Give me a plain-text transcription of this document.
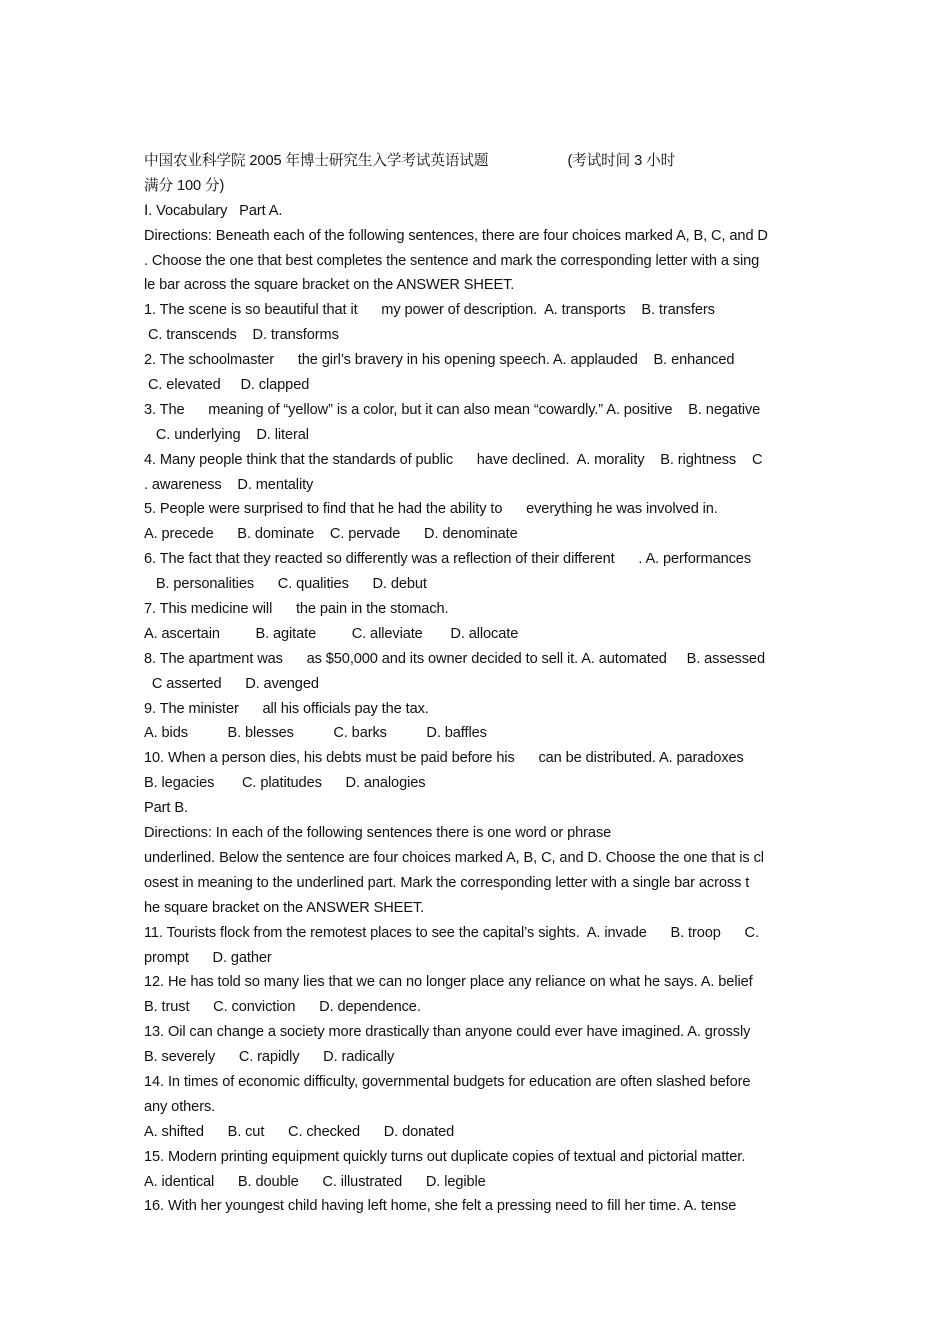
中国农业科学院 2005 年博士研究生入学考试英语试题                    (考试时间 3 小时
满分 100 分)
Ⅰ. Vocabulary   Part A.
Directions: Beneath each of the following sentences, there are four choices marked A, B, C, and D
. Choose the one that best completes the sentence and mark the corresponding letter with a sing
le bar across the square bracket on the ANSWER SHEET.
1. The scene is so beautiful that it      my power of description.  A. transports    B. transfers
C. transcends    D. transforms
2. The schoolmaster      the girl’s bravery in his opening speech. A. applauded    B. enhanced
C. elevated     D. clapped
3. The      meaning of “yellow” is a color, but it can also mean “cowardly.” A. positive    B. negative
C. underlying    D. literal
4. Many people think that the standards of public      have declined.  A. morality    B. rightness    C
. awareness    D. mentality
5. People were surprised to find that he had the ability to      everything he was involved in.
A. precede      B. dominate    C. pervade      D. denominate
6. The fact that they reacted so differently was a reflection of their different      . A. performances
B. personalities      C. qualities      D. debut
7. This medicine will      the pain in the stomach.
A. ascertain         B. agitate         C. alleviate       D. allocate
8. The apartment was      as $50,000 and its owner decided to sell it. A. automated     B. assessed
C asserted      D. avenged
9. The minister      all his officials pay the tax.
A. bids          B. blesses          C. barks          D. baffles
10. When a person dies, his debts must be paid before his      can be distributed. A. paradoxes
B. legacies       C. platitudes      D. analogies
Part B.
Directions: In each of the following sentences there is one word or phrase
underlined. Below the sentence are four choices marked A, B, C, and D. Choose the one that is cl
osest in meaning to the underlined part. Mark the corresponding letter with a single bar across t
he square bracket on the ANSWER SHEET.
11. Tourists flock from the remotest places to see the capital’s sights.  A. invade      B. troop      C.
prompt      D. gather
12. He has told so many lies that we can no longer place any reliance on what he says. A. belief
B. trust      C. conviction      D. dependence.
13. Oil can change a society more drastically than anyone could ever have imagined. A. grossly
B. severely      C. rapidly      D. radically
14. In times of economic difficulty, governmental budgets for education are often slashed before
any others.
A. shifted      B. cut      C. checked      D. donated
15. Modern printing equipment quickly turns out duplicate copies of textual and pictorial matter.
A. identical      B. double      C. illustrated      D. legible
16. With her youngest child having left home, she felt a pressing need to fill her time. A. tense
